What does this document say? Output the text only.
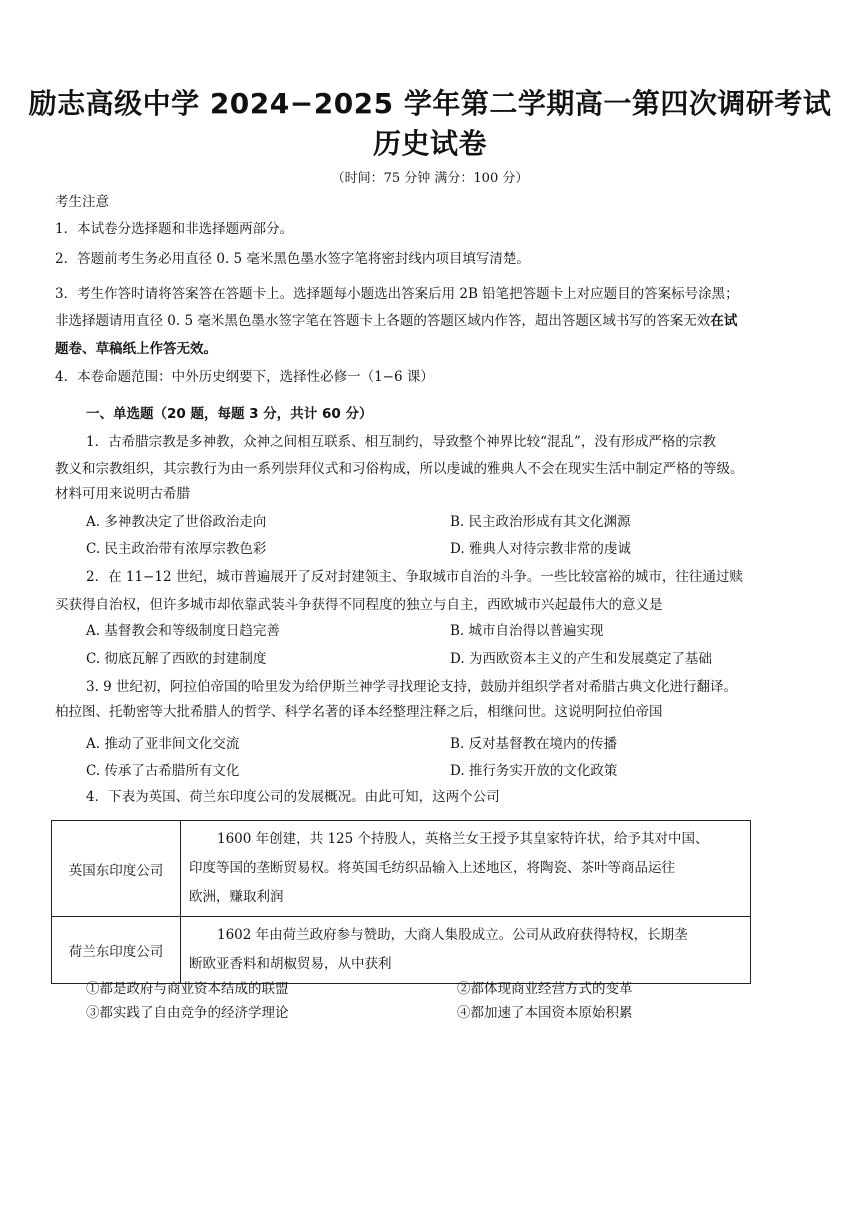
励志高级中学 2024−2025 学年第二学期高一第四次调研考试
历史试卷
（时间：75 分钟 满分：100 分）
考生注意
1．本试卷分选择题和非选择题两部分。
2．答题前考生务必用直径 0. 5 毫米黑色墨水签字笔将密封线内项目填写清楚。
3．考生作答时请将答案答在答题卡上。选择题每小题选出答案后用 2B 铅笔把答题卡上对应题目的答案标号涂黑；
非选择题请用直径 0. 5 毫米黑色墨水签字笔在答题卡上各题的答题区域内作答，超出答题区域书写的答案无效在试
题卷、草稿纸上作答无效。
4．本卷命题范围：中外历史纲要下，选择性必修一（1−6 课）
一、单选题（20 题，每题 3 分，共计 60 分）
1．古希腊宗教是多神教，众神之间相互联系、相互制约，导致整个神界比较“混乱”，没有形成严格的宗教
教义和宗教组织，其宗教行为由一系列崇拜仪式和习俗构成，所以虔诚的雅典人不会在现实生活中制定严格的等级。
材料可用来说明古希腊
A. 多神教决定了世俗政治走向	B. 民主政治形成有其文化渊源
C. 民主政治带有浓厚宗教色彩	D. 雅典人对待宗教非常的虔诚
2．在 11−12 世纪，城市普遍展开了反对封建领主、争取城市自治的斗争。一些比较富裕的城市，往往通过赎
买获得自治权，但许多城市却依靠武装斗争获得不同程度的独立与自主，西欧城市兴起最伟大的意义是
A. 基督教会和等级制度日趋完善	B. 城市自治得以普遍实现
C. 彻底瓦解了西欧的封建制度	D. 为西欧资本主义的产生和发展奠定了基础
3. 9 世纪初，阿拉伯帝国的哈里发为给伊斯兰神学寻找理论支持，鼓励并组织学者对希腊古典文化进行翻译。
柏拉图、托勒密等大批希腊人的哲学、科学名著的译本经整理注释之后，相继问世。这说明阿拉伯帝国
A. 推动了亚非间文化交流	B. 反对基督教在境内的传播
C. 传承了古希腊所有文化	D. 推行务实开放的文化政策
4．下表为英国、荷兰东印度公司的发展概况。由此可知，这两个公司
英国东印度公司	1600 年创建，共 125 个持股人，英格兰女王授予其皇家特许状，给予其对中国、
印度等国的垄断贸易权。将英国毛纺织品输入上述地区，将陶瓷、茶叶等商品运往
欧洲，赚取利润

荷兰东印度公司	1602 年由荷兰政府参与赞助，大商人集股成立。公司从政府获得特权，长期垄
断欧亚香料和胡椒贸易，从中获利
①都是政府与商业资本结成的联盟	②都体现商业经营方式的变革
③都实践了自由竞争的经济学理论	④都加速了本国资本原始积累
